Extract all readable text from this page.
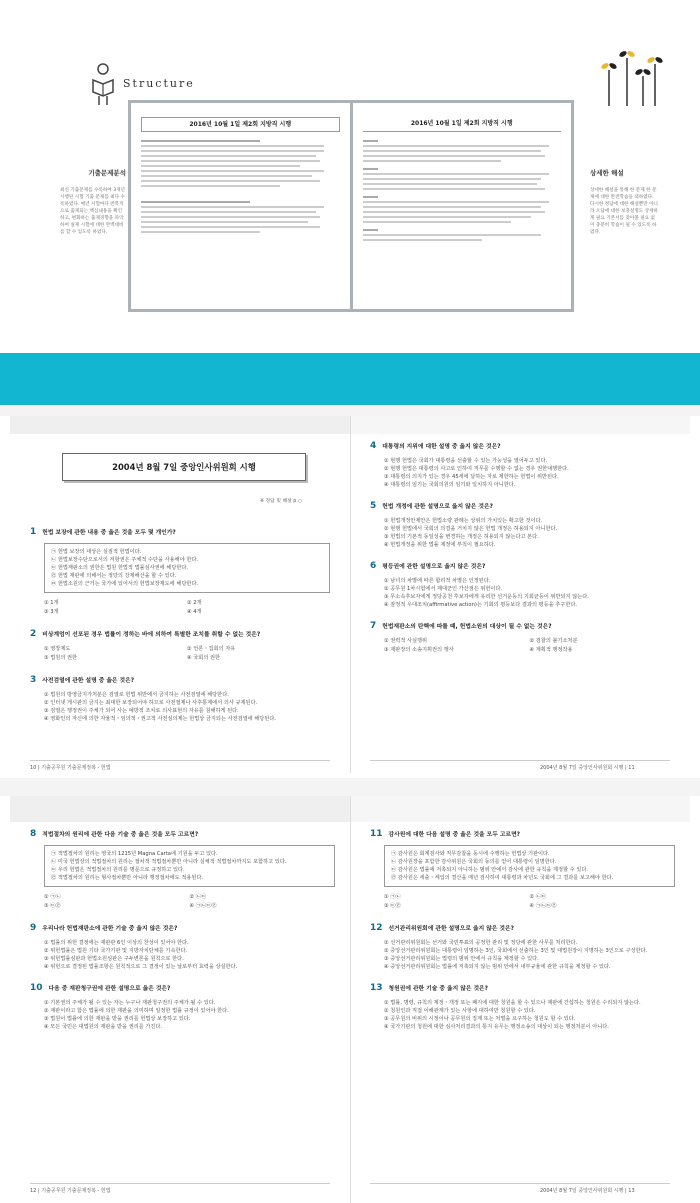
Structure
기출문제분석
최신 기출문제를 수록하여 3개년 시행된 시험 기출 문제를 최다 수록하였다. 매년 시험마다 반복적으로 출제되는 핵심내용을 확인하고, 변화하는 출제경향을 파악하여 실제 시험에 대한 완벽대비를 할 수 있도록 하였다.
상세한 해설
상세한 해설을 통해 한 문제 한 문제에 대한 완전학습을 꾀하였다. 다시한 정답에 대한 해설뿐만 아니라 오답에 대한 보충설명도 상세하게 필요 기본서를 찾아볼 필요 없이 충분히 학습이 될 수 있도록 하였다.
2016년 10월 1일 제2회 지방직 시행	2016년 10월 1일 제2회 지방직 시행
2004년 8월 7일 중앙인사위원회 시행
※ 정답 및 해설 p.○
1 헌법 보장에 관한 내용 중 옳은 것을 모두 몇 개인가?
㉠ 헌법 보장의 대상은 실질적 헌법이다.
㉡ 헌법보장수단으로서의 저항권은 주체적 수단을 사용해야 한다.
㉢ 헌법재판소의 권한은 법원 헌법적 법률심사권에 해당한다.
㉣ 헌법 재판에 의해서는 정당의 강제해산을 할 수 있다.
㉤ 헌법소원의 근거는 국가에 있어서의 헌법보장제도에 해당한다.
① 1개	② 2개
③ 3개	④ 4개
2 비상계엄이 선포된 경우 법률이 정하는 바에 의하여 특별한 조치를 취할 수 없는 것은?
① 영장제도	② 언론・집회의 자유
③ 법원의 권한	④ 국회의 권한
3 사전검열에 관한 설명 중 옳은 것은?
① 법원의 방영금지가처분은 검열로 헌법 위반에서 금지하는 사전검열에 해당한다.
② 인터넷 게시판의 금지는 최대한 보장되어야 하므로 사전절제나 사후통제에서 의사 규제된다.
③ 검열은 행정권이 주체가 되어 사는 예방적 조치로 의사표현의 자유를 침해하게 된다.
④ 영화인의 자신에 의한 자율적・임의적・권고적 사전심의제는 헌법상 금지되는 사전검열에 해당된다.
10 | 기출공무원 기출문제정복 - 헌법
4 대통령의 지위에 대한 설명 중 옳지 않은 것은?
① 현행 헌법은 국회가 대통령을 선출할 수 있는 가능성을 열어두고 있다.
② 현행 헌법은 대통령의 사고로 인하여 직무를 수행할 수 없는 경우 권한대행한다.
③ 대통령의 의지가 있는 경우 45세에 달하는 자로 제한하는 헌법이 위반된다.
④ 대통령의 임기는 국회의원의 임기와 일치하지 아니한다.
5 헌법 개정에 관한 설명으로 옳지 않은 것은?
① 헌법개정안제안은 헌법소량 관례는 상위의 가치있는 확고한 것이다.
② 현행 헌법에서 국회의 의결을 거치지 않은 헌법 개정은 허용되지 아니한다.
③ 헌법의 기본적 동일성을 변경하는 개정은 허용되지 않는다고 본다.
④ 헌법개정을 위한 법률 제정에 부칙이 필요하다.
6 평등권에 관한 설명으로 옳지 않은 것은?
① 남녀의 차별에 따른 합리적 차별은 인정된다.
② 공무원 1차시험에서 제대군인 가산점은 위헌이다.
③ 무소속후보자에게 정당공천 후보자에게 유리한 선거운동의 기회균등이 위반되지 않는다.
④ 잠정적 우대조치(affirmative action)는 기회의 평등보다 결과의 평등을 추구한다.
7 헌법재판소의 탄핵에 따를 때, 헌법소원의 대상이 될 수 없는 것은?
① 권력적 사실행위	② 검찰의 불기소처분
③ 재판장의 소송지휘권의 행사	④ 계획적 행정작용
2004년 8월 7일 중앙인사위원회 시행 | 11
8 적법절차의 원리에 관한 다음 기술 중 옳은 것을 모두 고르면?
㉠ 적법절차의 원리는 영국의 1215년 Magna Carta에 기원을 두고 있다.
㉡ 미국 헌법상의 적법절차의 원리는 절차적 적법절차뿐만 아니라 실체적 적법절차까지도 포함하고 있다.
㉢ 우리 헌법은 적법절차의 원리를 명문으로 규정하고 있다.
㉣ 적법절차의 원리는 형사절차뿐만 아니라 행정절차에도 적용된다.
① ㉠㉡	② ㉡㉢
③ ㉢㉣	④ ㉠㉡㉢㉣
9 우리나라 헌법재판소에 관한 기술 중 옳지 않은 것은?
① 법률의 위헌 결정에는 재판관 6인 이상의 찬성이 있어야 한다.
② 위헌법률은 법원 기타 국가기관 및 지방자치단체를 기속한다.
③ 위헌법률심판과 헌법소원심판은 구두변론을 원칙으로 한다.
④ 위헌으로 결정된 법률조항은 원칙적으로 그 결정이 있는 날로부터 효력을 상실한다.
10 다음 중 재판청구권에 관한 설명으로 옳은 것은?
① 기본권의 주체가 될 수 있는 자는 누구나 재판청구권의 주체가 될 수 있다.
② 재판이라고 함은 법률에 의한 재판을 의미하며 일정한 법률 규정이 있어야 한다.
③ 법원이 법률에 의한 재판을 받을 권리를 헌법상 보장하고 있다.
④ 모든 국민은 대법원의 재판을 받을 권리를 가진다.
12 | 기출공무원 기출문제정복 - 헌법
11 감사원에 대한 다음 설명 중 옳은 것을 모두 고르면?
㉠ 감사원은 회계검사와 직무감찰을 동시에 수행하는 헌법상 기관이다.
㉡ 감사원장을 포함한 감사위원은 국회의 동의를 얻어 대통령이 임명한다.
㉢ 감사원은 법률에 저촉되지 아니하는 범위 안에서 감사에 관한 규칙을 제정할 수 있다.
㉣ 감사원은 세출・세입의 결산을 매년 검사하여 대통령과 차년도 국회에 그 결과를 보고해야 한다.
① ㉠㉡	② ㉡㉢
③ ㉢㉣	④ ㉠㉡㉢㉣
12 선거관리위원회에 관한 설명으로 옳지 않은 것은?
① 선거관리위원회는 선거와 국민투표의 공정한 관리 및 정당에 관한 사무를 처리한다.
② 중앙선거관리위원회는 대통령이 임명하는 3인, 국회에서 선출하는 3인 및 대법원장이 지명하는 3인으로 구성한다.
③ 중앙선거관리위원회는 법령의 범위 안에서 규칙을 제정할 수 있다.
④ 중앙선거관리위원회는 법률에 저촉되지 않는 범위 안에서 내부규율에 관한 규칙을 제정할 수 있다.
13 청원권에 관한 기술 중 옳지 않은 것은?
① 법률, 명령, 규칙의 제정・개정 또는 폐지에 대한 청원을 할 수 있으나 재판에 간섭하는 청원은 수리되지 않는다.
② 청원인과 직접 이해관계가 있는 사항에 대하여만 청원할 수 있다.
③ 공무원의 비위의 시정이나 공무원의 징계 또는 처벌을 요구하는 청원도 할 수 있다.
④ 국가기관의 청원에 대한 심사처리결과의 통지 유무는 행정소송의 대상이 되는 행정처분이 아니다.
2004년 8월 7일 중앙인사위원회 시행 | 13
